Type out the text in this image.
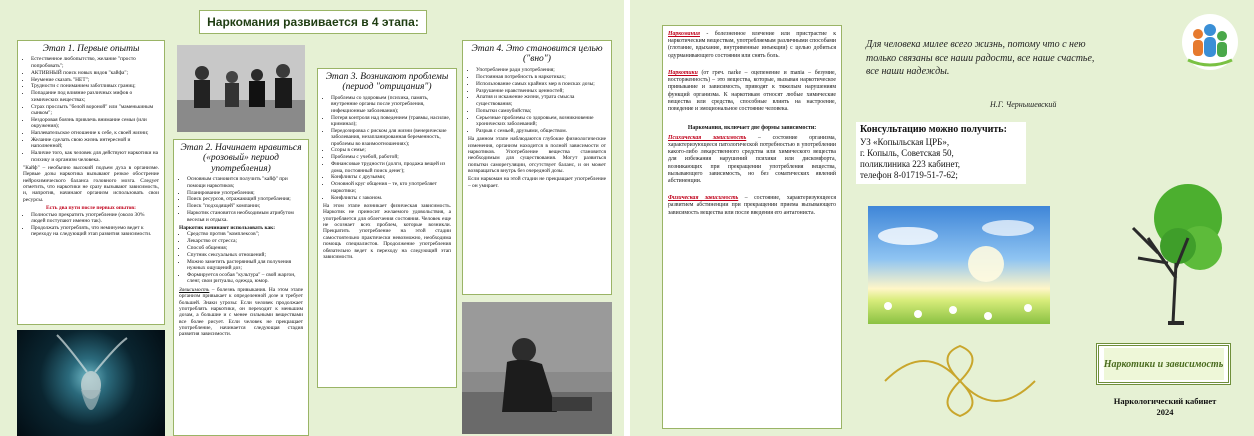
Наркомания развивается в 4 этапа:
Этап 1. Первые опыты
• Естественное любопытство, желание "просто попробовать";
• АКТИВНЫЙ поиск новых видов "кайфа";
• Неумение сказать "НЕТ";
• Трудности с пониманием заботливых границ;
• Попадание под влияние различных мифов о химических веществах;
• Страх прослыть "белой вороной" или "маменькиным сынком";
• Нездоровая боязнь привлечь внимание семьи (или окружения);
• Наплевательское отношение к себе, к своей жизни;
• Желание сделать свою жизнь интересной и наполненной;
• Наличие того, как человек для действуют наркотики на психику и организм человека.

"Кайф" – необычно высокий подъем духа в организме. Первые дозы наркотика вызывают резкое обострение нейрохимического баланса головного мозга. Следует отметить, что наркотики не сразу вызывают зависимость, и, напротив, начинают организм использовать свои ресурсы.

Есть два пути после первых опытов:

• Полностью прекратить употребление (около 30% людей поступают именно так).
• Продолжать употреблять, что неминуемо ведет к переходу на следующий этап развития зависимости.
Этап 2. Начинает нравиться («розовый» период употребления)
• Основным становится получить "кайф" при помощи наркотиков;
• Планирование употребления;
• Поиск ресурсов, отражающий употребления;
• Поиск "подходящей" компании;
• Наркотик становится необходимым атрибутом веселья и отдыха.

Наркотик начинают использовать как:

• Средство против "комплексов";
• Лекарство от стресса;
• Способ общения;
• Спутник сексуальных отношений;
• Можно заметить растерянный для получения нужных ощущений доз;
• Формируется особая "культура" – свой жаргон, сленг, свои ритуалы, одежда, юмор.

Зависимость – болезнь привыкания. На этом этапе организм привыкает к определенной дозе и требует большей. Знаки угрозы: Если человек продолжает употреблять наркотики, он переходит к меньшим дозам, а большие и с менее сильными веществами все более рисует. Если человек не прекращает употребление, начинается следующая стадия развития зависимости.

Этап 3. Возникают проблемы (период "отрицания")
• Проблемы со здоровьем (психика, память, внутренние органы после употребления, инфекционные заболевания);
• Потеря контроля над поведением (травмы, насилие, криминал);
• Передозировка с риском для жизни (венерические заболевания, незапланированная беременность, проблемы во взаимоотношениях);
• Ссоры в семье;
• Проблемы с учебой, работой;
• Финансовые трудности (долги, продажа вещей из дома, постоянный поиск денег);
• Конфликты с друзьями;
• Основной круг общения – те, кто употребляет наркотики;
• Конфликты с законом.

На этом этапе возникает физическая зависимость. Наркотик не приносит желаемого удовольствия, а употребляется для облегчения состояния. Человек еще не осознает всех проблем, которые возникли. Прекратить употребление на этой стадии самостоятельно практически невозможно, необходима помощь специалистов. Продолжение употребления обязательно ведет к переходу на следующий этап зависимости.

Этап 4. Это становится целью ("вно")
• Употребление ради употребления;
• Постоянная потребность в наркотиках;
• Использование самых крайних мер в поисках дозы;
• Разрушение нравственных ценностей;
• Апатия и искажение жизни, утрата смысла существования;
• Попытки самоубийства;
• Серьезные проблемы со здоровьем, возникновение хронических заболеваний;
• Разрыв с семьей, друзьями, обществом.

На данном этапе наблюдаются глубокие физиологические изменения, организм находится в полной зависимости от наркотиков. Употребление вещества становится необходимым для существования. Могут развиться попытки саморегуляции, отсутствует баланс, и он может возвращаться внутрь без очередной дозы.

Если наркоман на этой стадии не прекращает употребление – он умирает.

Наркомания - болезненное влечение или пристрастие к наркотическим веществам, употребляемым различными способами (глотание, вдыхание, внутривенные инъекции) с целью добиться одурманивающего состояния или снять боль.

Наркотики (от греч. narke – оцепенение и mania – безумие, восторженность) – это вещества, которые, вызывая наркотическое привыкание и зависимость, приводят к тяжелым нарушениям функций организма. К наркотикам относят любые химические вещества или средства, способные влиять на настроение, поведение и эмоциональное состояние человека.

Наркомания, включает две формы зависимости:

Психическая зависимость – состояние организма, характеризующееся патологической потребностью в употреблении какого-либо лекарственного средства или химического вещества для избежания нарушений психики или дискомфорта, возникающих при прекращении употребления вещества, вызывающего зависимость, но без соматических явлений абстиненции.

Физическая зависимость – состояние, характеризующееся развитием абстиненции при прекращении приема вызывающего зависимость вещества или после введения его антагониста.

Для человека милее всего жизнь, потому что с нею только связаны все наши радости, все наше счастье, все наши надежды.
Н.Г. Чернышевский
Консультацию можно получить:
УЗ «Копыльская ЦРБ»,
г. Копыль, Советская 50,
поликлиника 223 кабинет,
телефон 8-01719-51-7-62;
Наркотики и зависимость
Наркологический кабинет
2024
